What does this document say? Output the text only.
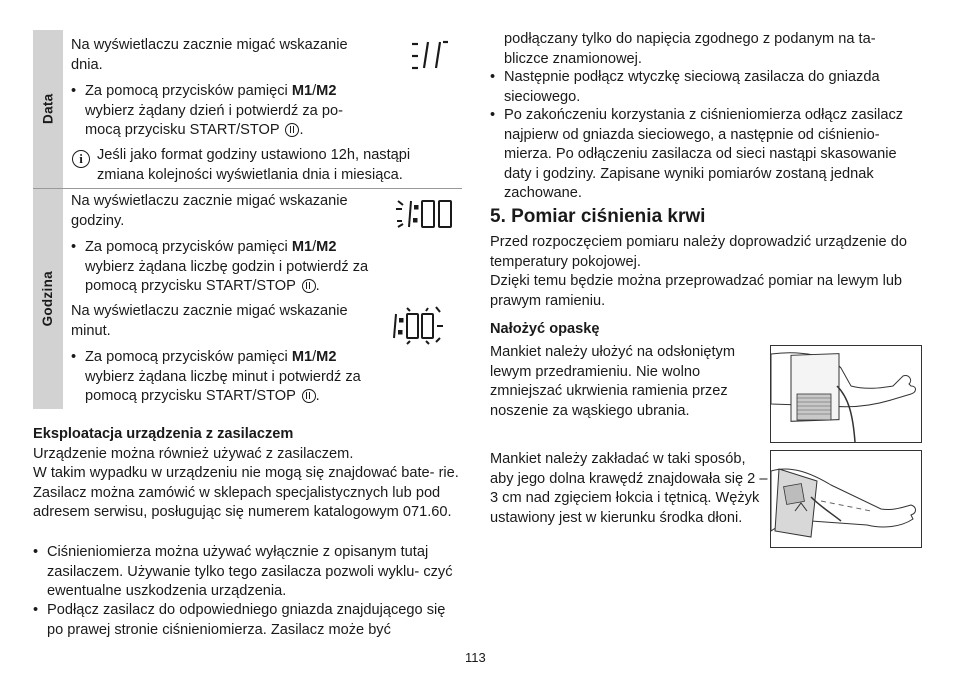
Data

Na wyświetlaczu zacznie migać wskazanie dnia.

• Za pomocą przycisków pamięci M1/M2 wybierz żądany dzień i potwierdź za po- mocą przycisku START/STOP .
i Jeśli jako format godziny ustawiono 12h, nastąpi zmiana kolejności wyświetlania dnia i miesiąca.

Godzina

Na wyświetlaczu zacznie migać wskazanie godziny.

• Za pomocą przycisków pamięci M1/M2 wybierz żądana liczbę godzin i potwierdź za pomocą przycisku START/STOP .

Na wyświetlaczu zacznie migać wskazanie minut.

• Za pomocą przycisków pamięci M1/M2 wybierz żądana liczbę minut i potwierdź za pomocą przycisku START/STOP .
Eksploatacja urządzenia z zasilaczem

Urządzenie można również używać z zasilaczem.

W takim wypadku w urządzeniu nie mogą się znajdować bate- rie. Zasilacz można zamówić w sklepach specjalistycznych lub pod adresem serwisu, posługując się numerem katalogowym 071.60.

• Ciśnieniomierza można używać wyłącznie z opisanym tutaj zasilaczem. Używanie tylko tego zasilacza pozwoli wyklu- czyć ewentualne uszkodzenia urządzenia.
• Podłącz zasilacz do odpowiedniego gniazda znajdującego się po prawej stronie ciśnieniomierza. Zasilacz może być

podłączany tylko do napięcia zgodnego z podanym na ta- bliczce znamionowej.

• Następnie podłącz wtyczkę sieciową zasilacza do gniazda sieciowego.
• Po zakończeniu korzystania z ciśnieniomierza odłącz zasilacz najpierw od gniazda sieciowego, a następnie od ciśnienio- mierza. Po odłączeniu zasilacza od sieci nastąpi skasowanie daty i godziny. Zapisane wyniki pomiarów zostaną jednak zachowane.
5. Pomiar ciśnienia krwi

Przed rozpoczęciem pomiaru należy doprowadzić urządzenie do temperatury pokojowej.

Dzięki temu będzie można przeprowadzać pomiar na lewym lub prawym ramieniu.

Nałożyć opaskę

Mankiet należy ułożyć na odsłoniętym lewym przedramieniu. Nie wolno zmniejszać ukrwienia ramienia przez noszenie za wąskiego ubrania.

Mankiet należy zakładać w taki sposób, aby jego dolna krawędź znajdowała się 2 – 3 cm nad zgięciem łokcia i tętnicą. Wężyk ustawiony jest w kierunku środka dłoni.

113
